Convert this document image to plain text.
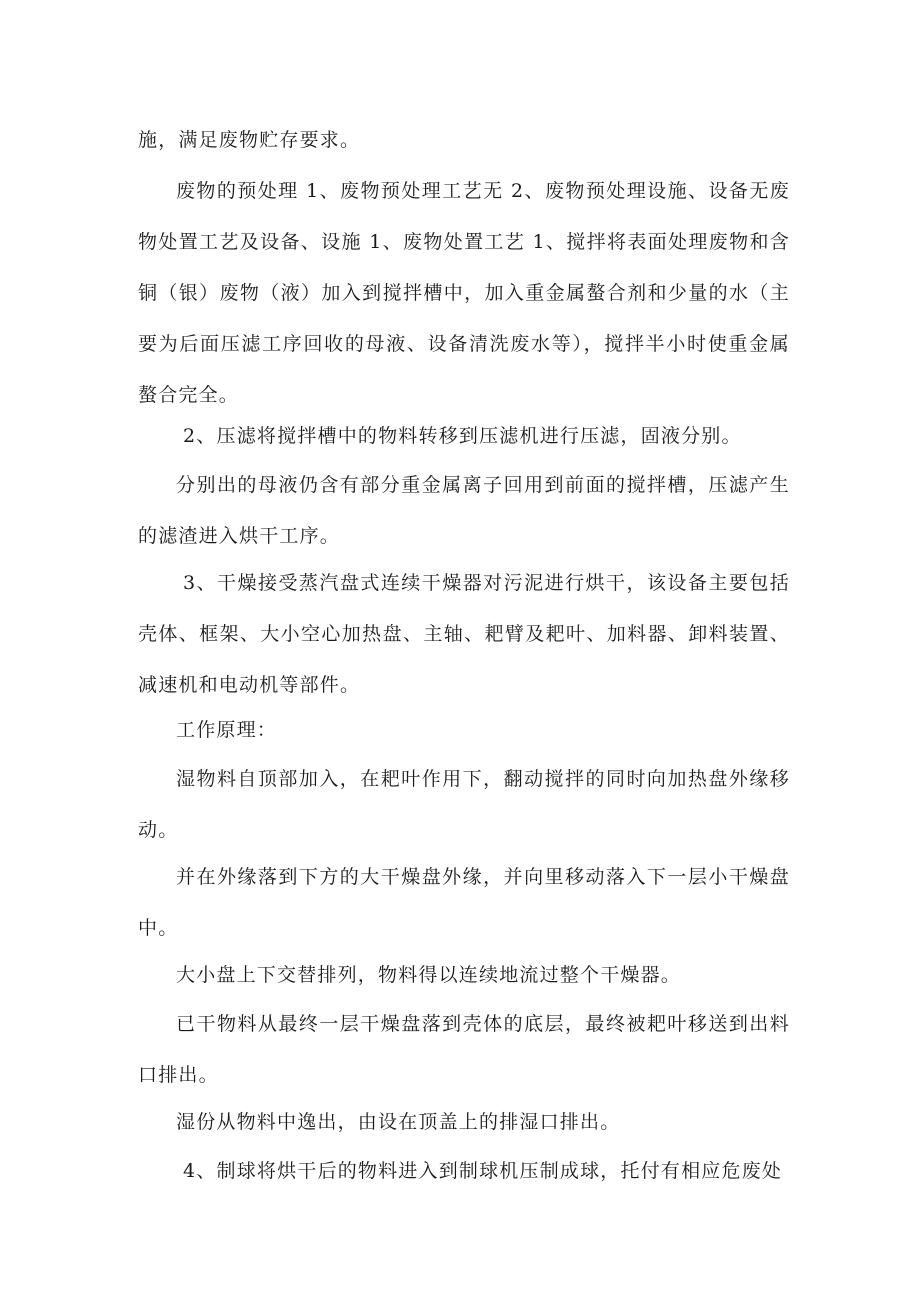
施，满足废物贮存要求。

废物的预处理 1、废物预处理工艺无 2、废物预处理设施、设备无废物处置工艺及设备、设施 1、废物处置工艺 1、搅拌将表面处理废物和含铜（银）废物（液）加入到搅拌槽中，加入重金属螯合剂和少量的水（主要为后面压滤工序回收的母液、设备清洗废水等），搅拌半小时使重金属螯合完全。

2、压滤将搅拌槽中的物料转移到压滤机进行压滤，固液分别。

分别出的母液仍含有部分重金属离子回用到前面的搅拌槽，压滤产生的滤渣进入烘干工序。

3、干燥接受蒸汽盘式连续干燥器对污泥进行烘干，该设备主要包括壳体、框架、大小空心加热盘、主轴、耙臂及耙叶、加料器、卸料装置、减速机和电动机等部件。

工作原理：

湿物料自顶部加入，在耙叶作用下，翻动搅拌的同时向加热盘外缘移动。

并在外缘落到下方的大干燥盘外缘，并向里移动落入下一层小干燥盘中。

大小盘上下交替排列，物料得以连续地流过整个干燥器。

已干物料从最终一层干燥盘落到壳体的底层，最终被耙叶移送到出料口排出。

湿份从物料中逸出，由设在顶盖上的排湿口排出。

4、制球将烘干后的物料进入到制球机压制成球，托付有相应危废处
